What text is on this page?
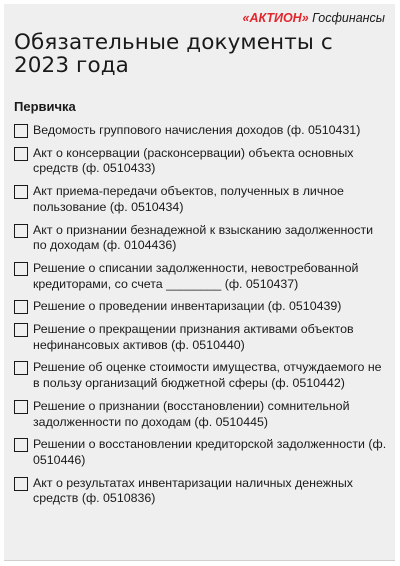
«АКТИОН» Госфинансы
Обязательные документы с 2023 года
Первичка
Ведомость группового начисления доходов (ф. 0510431)
Акт о консервации (расконсервации) объекта основных средств (ф. 0510433)
Акт приема-передачи объектов, полученных в личное пользование (ф. 0510434)
Акт о признании безнадежной к взысканию задолженности по доходам (ф. 0104436)
Решение о списании задолженности, невостребованной кредиторами, со счета ________ (ф. 0510437)
Решение о проведении инвентаризации (ф. 0510439)
Решение о прекращении признания активами объектов нефинансовых активов (ф. 0510440)
Решение об оценке стоимости имущества, отчуждаемого не в пользу организаций бюджетной сферы (ф. 0510442)
Решение о признании (восстановлении) сомнительной задолженности по доходам (ф. 0510445)
Решении о восстановлении кредиторской задолженности (ф. 0510446)
Акт о результатах инвентаризации наличных денежных средств (ф. 0510836)
